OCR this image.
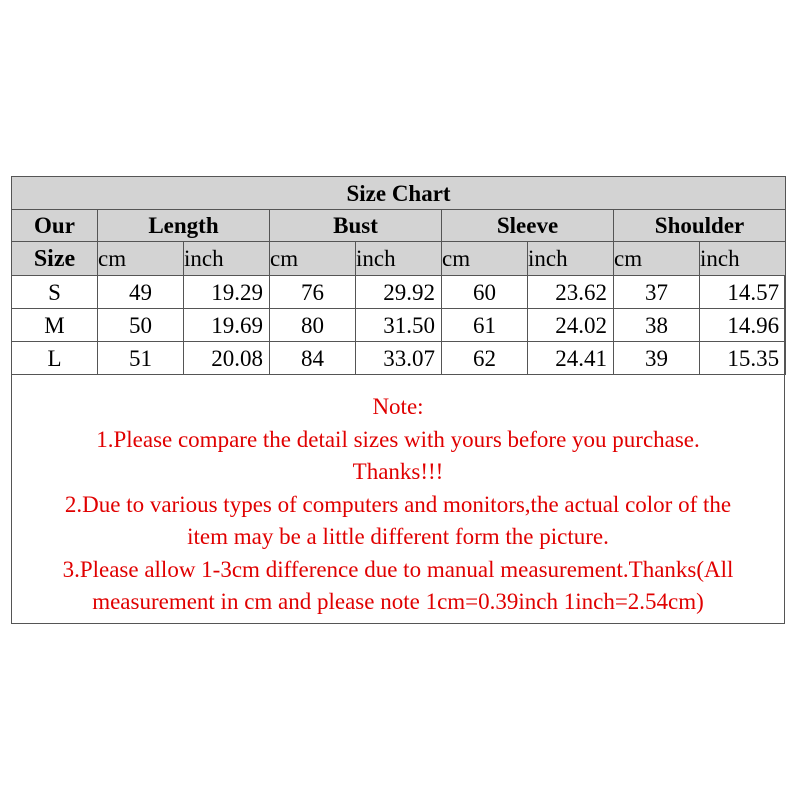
Size Chart								
Our	Length		Bust		Sleeve		Shoulder	
Size	cm	inch	cm	inch	cm	inch	cm	inch
S	49	19.29	76	29.92	60	23.62	37	14.57
M	50	19.69	80	31.50	61	24.02	38	14.96
L	51	20.08	84	33.07	62	24.41	39	15.35
Note:
1.Please compare the detail sizes with yours before you purchase.
Thanks!!!
2.Due to various types of computers and monitors,the actual color of the
item may be a little different form the picture.
3.Please allow 1-3cm difference due to manual measurement.Thanks(All
measurement in cm and please note 1cm=0.39inch 1inch=2.54cm)
